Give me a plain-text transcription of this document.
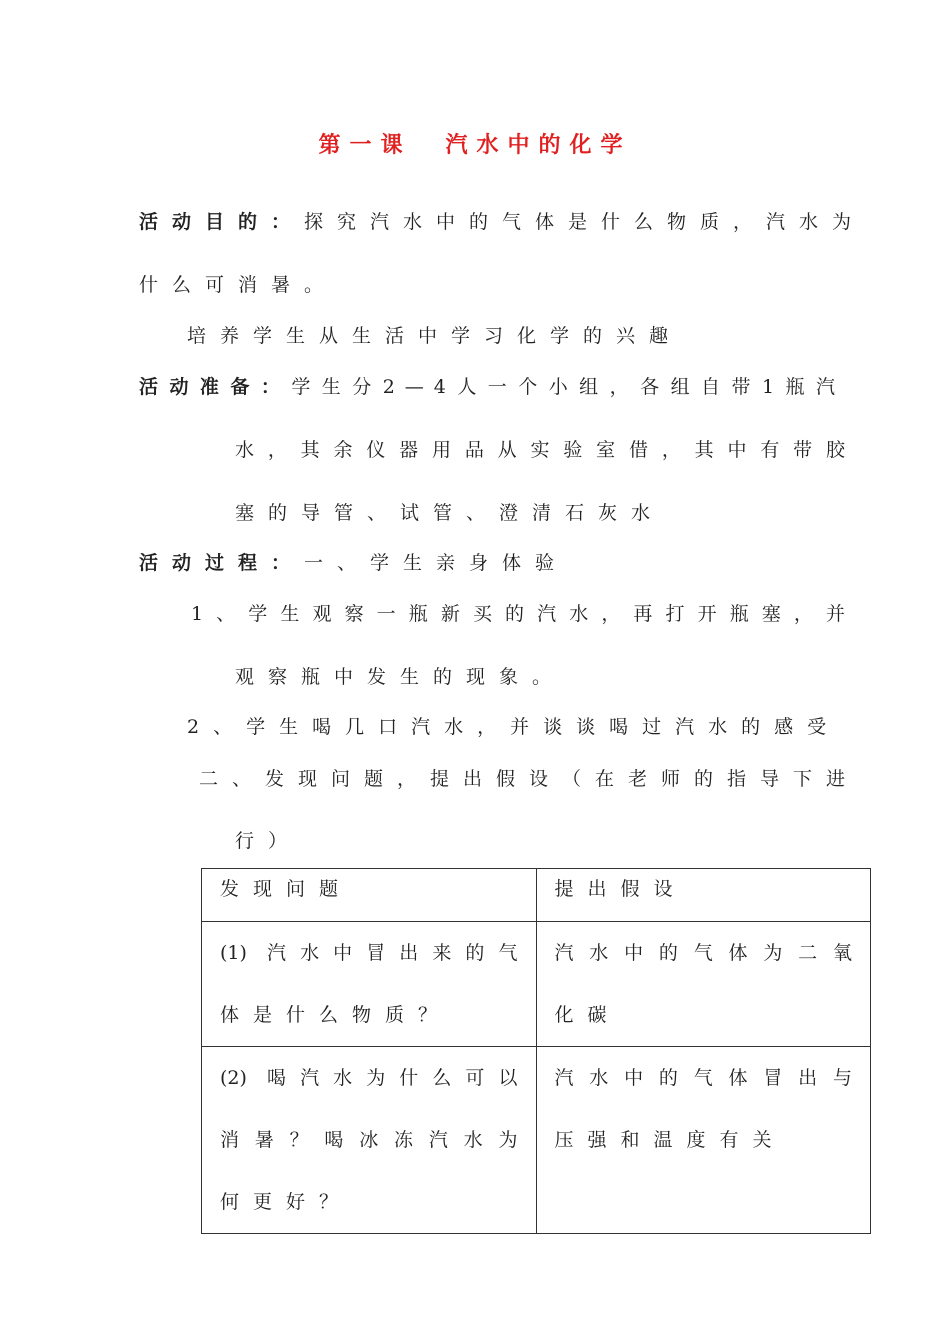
第一课 汽水中的化学
活动目的：探究汽水中的气体是什么物质，汽水为
什么可消暑。
培养学生从生活中学习化学的兴趣
活动准备：学生分2—4人一个小组，各组自带1瓶汽
水，其余仪器用品从实验室借，其中有带胶
塞的导管、试管、澄清石灰水
活动过程：一、学生亲身体验
1、学生观察一瓶新买的汽水，再打开瓶塞，并
观察瓶中发生的现象。
2、学生喝几口汽水，并谈谈喝过汽水的感受
二、发现问题，提出假设（在老师的指导下进
行）
发现问题	提出假设

(1) 汽水中冒出来的气
体是什么物质？	汽水中的气体为二氧
化碳

(2) 喝汽水为什么可以
消暑？喝冰冻汽水为
何更好？	汽水中的气体冒出与
压强和温度有关
